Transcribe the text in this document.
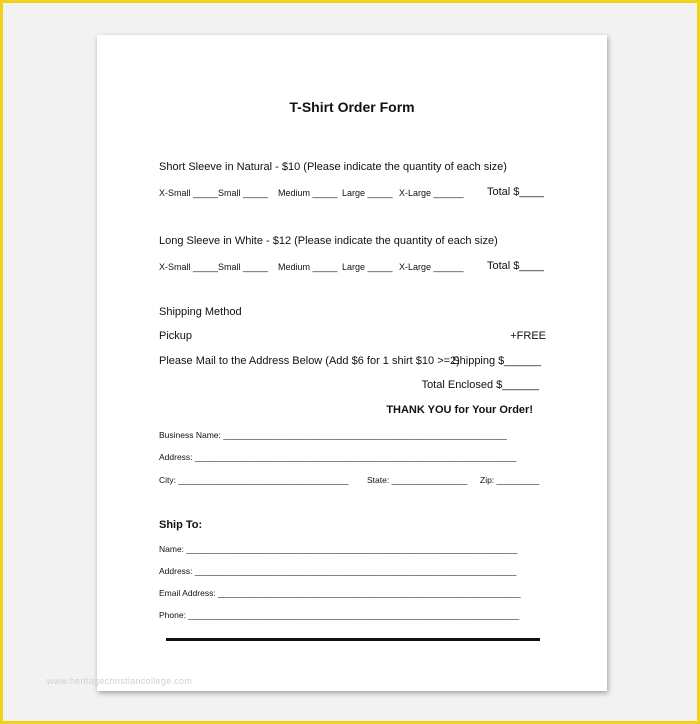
T-Shirt Order Form
Short Sleeve in Natural - $10 (Please indicate the quantity of each size)
X-Small _____ Small _____ Medium _____ Large _____ X-Large ______ Total $____
Long Sleeve in White - $12 (Please indicate the quantity of each size)
X-Small _____ Small _____ Medium _____ Large _____ X-Large ______ Total $____
Shipping Method
Pickup	+FREE
Please Mail to the Address Below (Add $6 for 1 shirt $10 >=2)
Shipping $______
Total Enclosed $______
THANK YOU for Your Order!
Business Name: ____________________________________________________________
Address: ____________________________________________________________________
City: ____________________________________ State: ________________ Zip: _________
Ship To:
Name: ______________________________________________________________________
Address: ____________________________________________________________________
Email Address: ________________________________________________________________
Phone: ______________________________________________________________________
www.heritagechristiancollege.com
